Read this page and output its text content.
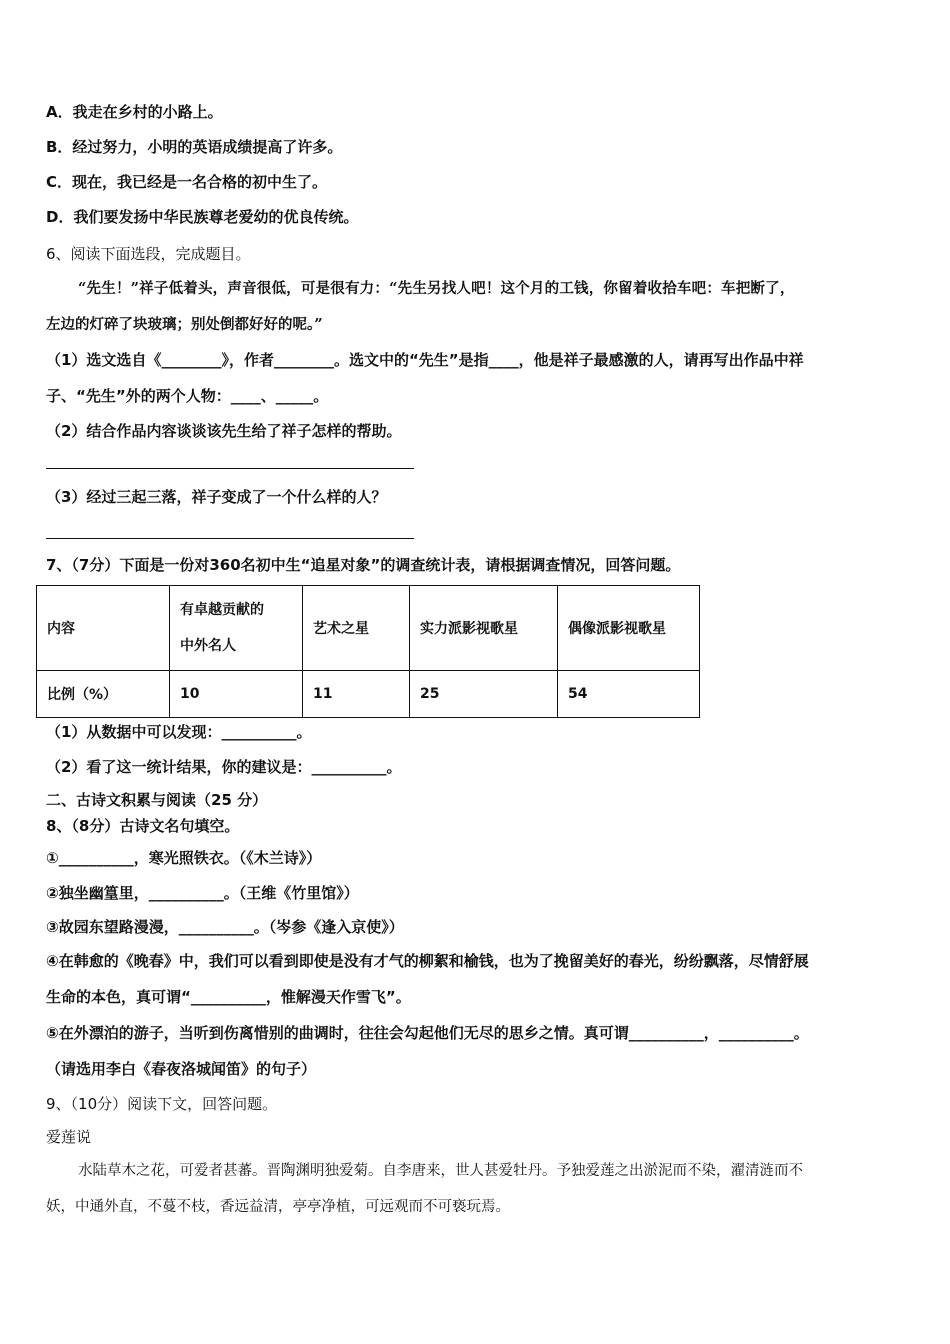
A．我走在乡村的小路上。
B．经过努力，小明的英语成绩提高了许多。
C．现在，我已经是一名合格的初中生了。
D．我们要发扬中华民族尊老爱幼的优良传统。
6、阅读下面选段，完成题目。
“先生！”祥子低着头，声音很低，可是很有力：“先生另找人吧！这个月的工钱，你留着收拾车吧：车把断了，
左边的灯碎了块玻璃；别处倒都好好的呢。”
（1）选文选自《________》，作者________。选文中的“先生”是指____，他是祥子最感激的人，请再写出作品中祥
子、“先生”外的两个人物：____、_____。
（2）结合作品内容谈谈该先生给了祥子怎样的帮助。
（3）经过三起三落，祥子变成了一个什么样的人？
7、（7分）下面是一份对360名初中生“追星对象”的调查统计表，请根据调查情况，回答问题。
内容	有卓越贡献的
中外名人	艺术之星	实力派影视歌星	偶像派影视歌星
比例（%）	10	11	25	54
（1）从数据中可以发现：__________。
（2）看了这一统计结果，你的建议是：__________。
二、古诗文积累与阅读（25 分）
8、（8分）古诗文名句填空。
①__________，寒光照铁衣。（《木兰诗》）
②独坐幽篁里，__________。（王维《竹里馆》）
③故园东望路漫漫，__________。（岑参《逢入京使》）
④在韩愈的《晚春》中，我们可以看到即使是没有才气的柳絮和榆钱，也为了挽留美好的春光，纷纷飘落，尽情舒展
生命的本色，真可谓“__________，惟解漫天作雪飞”。
⑤在外漂泊的游子，当听到伤离惜别的曲调时，往往会勾起他们无尽的思乡之情。真可谓__________，__________。
（请选用李白《春夜洛城闻笛》的句子）
9、（10分）阅读下文，回答问题。
爱莲说
水陆草木之花，可爱者甚蕃。晋陶渊明独爱菊。自李唐来，世人甚爱牡丹。予独爱莲之出淤泥而不染，濯清涟而不
妖，中通外直，不蔓不枝，香远益清，亭亭净植，可远观而不可亵玩焉。
